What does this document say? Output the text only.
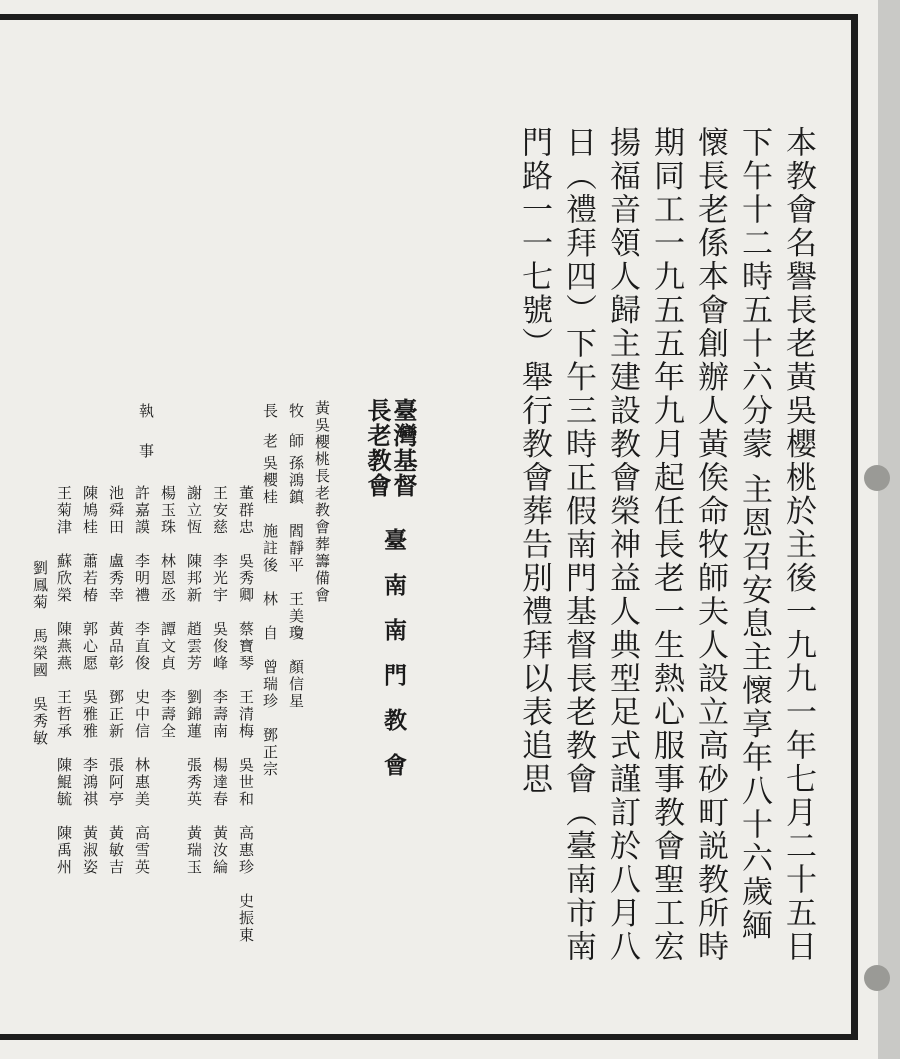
本教會名譽長老黃吳櫻桃於主後一九九一年七月二十五日下午十二時五十六分蒙 主恩召安息主懷享年八十六歲緬懷長老係本會創辦人黃俟命牧師夫人設立高砂町説教所時期同工一九五五年九月起任長老一生熱心服事教會聖工宏揚福音領人歸主建設教會榮神益人典型足式謹訂於八月八日（禮拜四）下午三時正假南門基督長老教會（臺南市南門路一一七號）舉行教會葬告別禮拜以表追思

臺灣基督
長老教會
臺南南門教會
黃吳櫻桃長老教會葬籌備會
牧　師
孫鴻鎮　閻靜平　王美瓊　顏信星
長　老
吳櫻桂　施註後　林　自　曾瑞珍　鄧正宗
董群忠　吳秀卿　蔡寶琴　王清梅　吳世和　高惠珍　史振東
王安慈　李光宇　吳俊峰　李壽南　楊達春　黃汝綸
謝立恆　陳邦新　趙雲芳　劉錦蓮　張秀英　黃瑞玉
執
事
楊玉珠　林恩丞　譚文貞　李壽全
許嘉謨　李明禮　李直俊　史中信　林惠美　高雪英
池舜田　盧秀幸　黃品彰　鄧正新　張阿亭　黃敏吉
陳鳩桂　蕭若椿　郭心愿　吳雅雅　李鴻祺　黃淑姿
王菊津　蘇欣榮　陳燕燕　王哲承　陳鯤毓　陳禹州
劉鳳菊　馬榮國　吳秀敏
